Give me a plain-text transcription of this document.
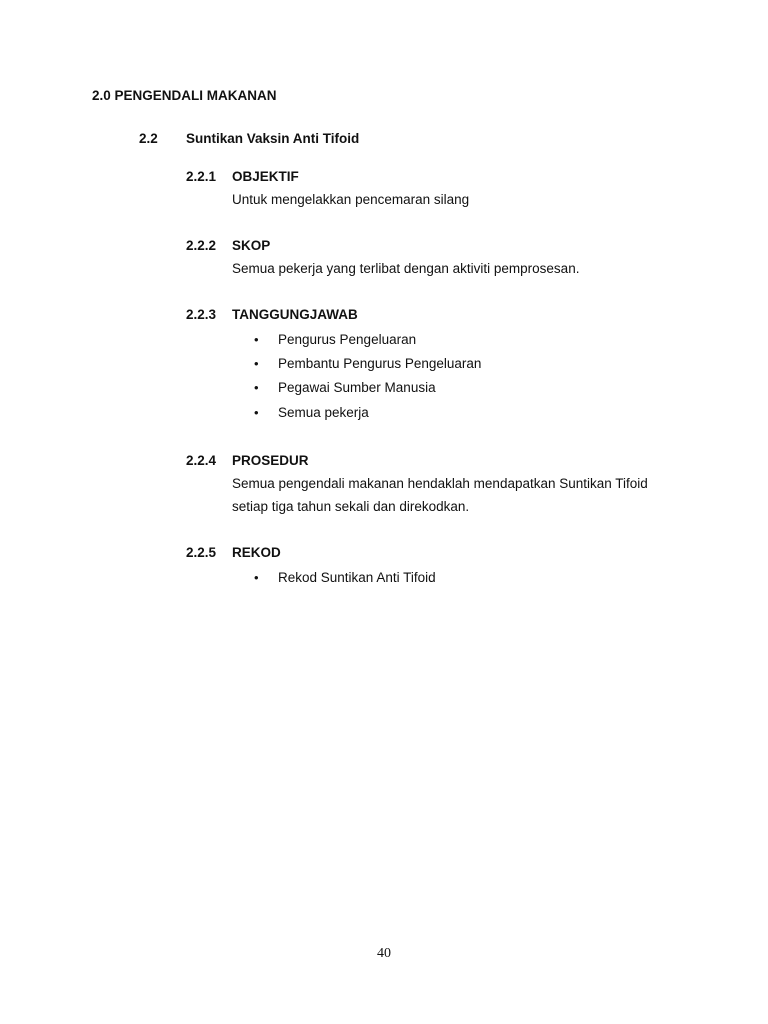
2.0 PENGENDALI MAKANAN
2.2 Suntikan Vaksin Anti Tifoid
2.2.1 OBJEKTIF
Untuk mengelakkan pencemaran silang
2.2.2 SKOP
Semua pekerja yang terlibat dengan aktiviti pemprosesan.
2.2.3 TANGGUNGJAWAB
• Pengurus Pengeluaran
• Pembantu Pengurus Pengeluaran
• Pegawai Sumber Manusia
• Semua pekerja
2.2.4 PROSEDUR
Semua pengendali makanan hendaklah mendapatkan Suntikan Tifoid
setiap tiga tahun sekali dan direkodkan.
2.2.5 REKOD
• Rekod Suntikan Anti Tifoid
40
